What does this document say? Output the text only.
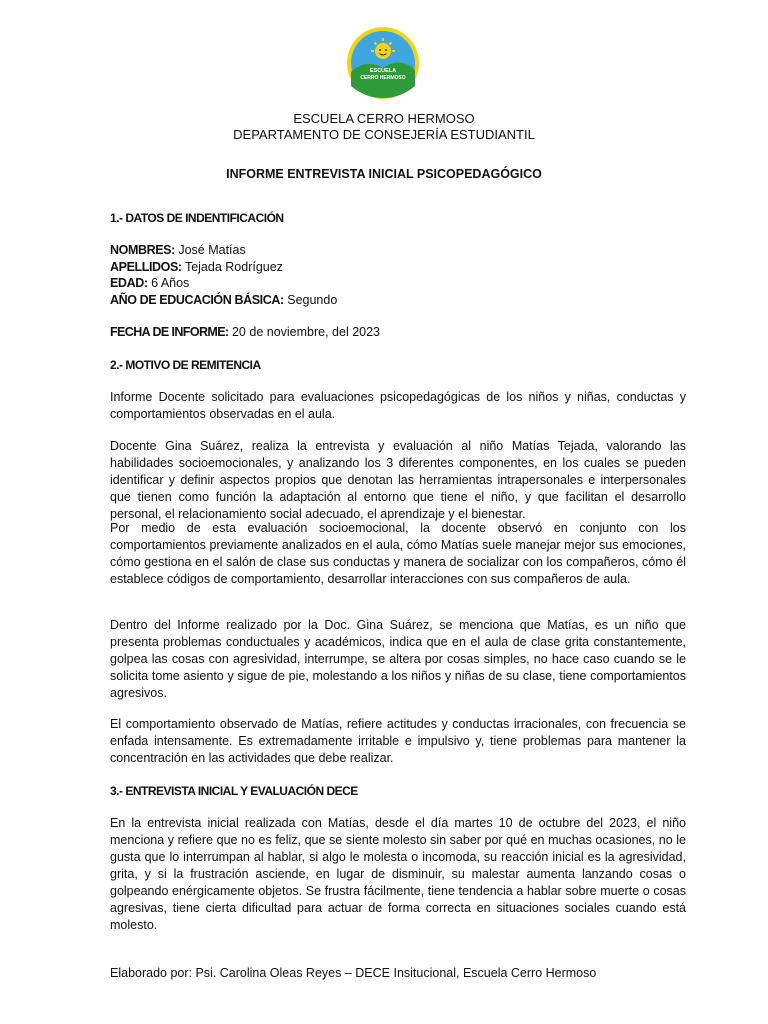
ESCUELA
CERRO HERMOSO
ESCUELA CERRO HERMOSO
DEPARTAMENTO DE CONSEJERÍA ESTUDIANTIL
INFORME ENTREVISTA INICIAL PSICOPEDAGÓGICO
1.- DATOS DE INDENTIFICACIÓN
NOMBRES: José Matías
APELLIDOS: Tejada Rodríguez
EDAD: 6 Años
AÑO DE EDUCACIÓN BÁSICA: Segundo
FECHA DE INFORME: 20 de noviembre, del 2023
2.- MOTIVO DE REMITENCIA

Informe Docente solicitado para evaluaciones psicopedagógicas de los niños y niñas, conductas y comportamientos observadas en el aula.

Docente Gina Suárez, realiza la entrevista y evaluación al niño Matías Tejada, valorando las habilidades socioemocionales, y analizando los 3 diferentes componentes, en los cuales se pueden identificar y definir aspectos propios que denotan las herramientas intrapersonales e interpersonales que tienen como función la adaptación al entorno que tiene el niño, y que facilitan el desarrollo personal, el relacionamiento social adecuado, el aprendizaje y el bienestar.

Por medio de esta evaluación socioemocional, la docente observó en conjunto con los comportamientos previamente analizados en el aula, cómo Matías suele manejar mejor sus emociones, cómo gestiona en el salón de clase sus conductas y manera de socializar con los compañeros, cómo él establece códigos de comportamiento, desarrollar interacciones con sus compañeros de aula.

Dentro del Informe realizado por la Doc. Gina Suárez, se menciona que Matías, es un niño que presenta problemas conductuales y académicos, indica que en el aula de clase grita constantemente, golpea las cosas con agresividad, interrumpe, se altera por cosas simples, no hace caso cuando se le solicita tome asiento y sigue de pie, molestando a los niños y niñas de su clase, tiene comportamientos agresivos.

El comportamiento observado de Matías, refiere actitudes y conductas irracionales, con frecuencia se enfada intensamente. Es extremadamente irritable e impulsivo y, tiene problemas para mantener la concentración en las actividades que debe realizar.

3.- ENTREVISTA INICIAL Y EVALUACIÓN DECE

En la entrevista inicial realizada con Matías, desde el día martes 10 de octubre del 2023, el niño menciona y refiere que no es feliz, que se siente molesto sin saber por qué en muchas ocasiones, no le gusta que lo interrumpan al hablar, si algo le molesta o incomoda, su reacción inicial es la agresividad, grita, y si la frustración asciende, en lugar de disminuir, su malestar aumenta lanzando cosas o golpeando enérgicamente objetos. Se frustra fácilmente, tiene tendencia a hablar sobre muerte o cosas agresivas, tiene cierta dificultad para actuar de forma correcta en situaciones sociales cuando está molesto.

Elaborado por: Psi. Carolina Oleas Reyes – DECE Insitucional, Escuela Cerro Hermoso
